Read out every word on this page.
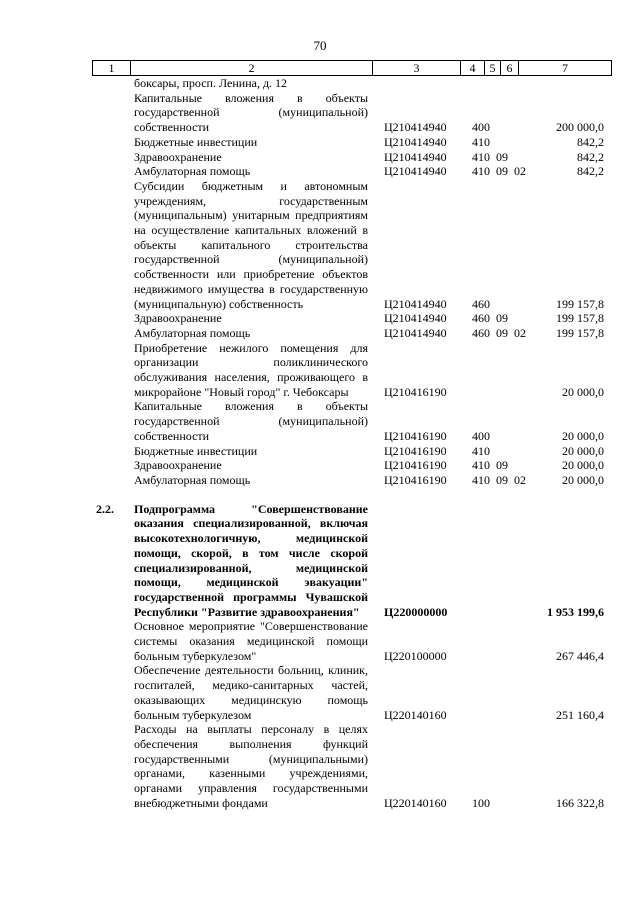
70
1	2	3	4	5 6	7
боксары, просп. Ленина, д. 12
Капитальные вложения в объекты государственной (муниципальной) собственности	Ц210414940 400	200 000,0
Бюджетные инвестиции	Ц210414940 410	842,2
Здравоохранение	Ц210414940 410 09	842,2
Амбулаторная помощь	Ц210414940 410 09 02	842,2
Субсидии бюджетным и автономным учреждениям, государственным (муниципальным) унитарным предприятиям на осуществление капитальных вложений в объекты капитального строительства государственной (муниципальной) собственности или приобретение объектов недвижимого имущества в государственную (муниципальную) собственность	Ц210414940 460	199 157,8
Здравоохранение	Ц210414940 460 09	199 157,8
Амбулаторная помощь	Ц210414940 460 09 02	199 157,8
Приобретение нежилого помещения для организации поликлинического обслуживания населения, проживающего в микрорайоне "Новый город" г. Чебоксары	Ц210416190	20 000,0
Капитальные вложения в объекты государственной (муниципальной) собственности	Ц210416190 400	20 000,0
Бюджетные инвестиции	Ц210416190 410	20 000,0
Здравоохранение	Ц210416190 410 09	20 000,0
Амбулаторная помощь	Ц210416190 410 09 02	20 000,0
2.2.	Подпрограмма "Совершенствование оказания специализированной, включая высокотехнологичную, медицинской помощи, скорой, в том числе скорой специализированной, медицинской помощи, медицинской эвакуации" государственной программы Чувашской Республики "Развитие здравоохранения"	Ц220000000	1 953 199,6
Основное мероприятие "Совершенствование системы оказания медицинской помощи больным туберкулезом"	Ц220100000	267 446,4
Обеспечение деятельности больниц, клиник, госпиталей, медико-санитарных частей, оказывающих медицинскую помощь больным туберкулезом	Ц220140160	251 160,4
Расходы на выплаты персоналу в целях обеспечения выполнения функций государственными (муниципальными) органами, казенными учреждениями, органами управления государственными внебюджетными фондами	Ц220140160 100	166 322,8
